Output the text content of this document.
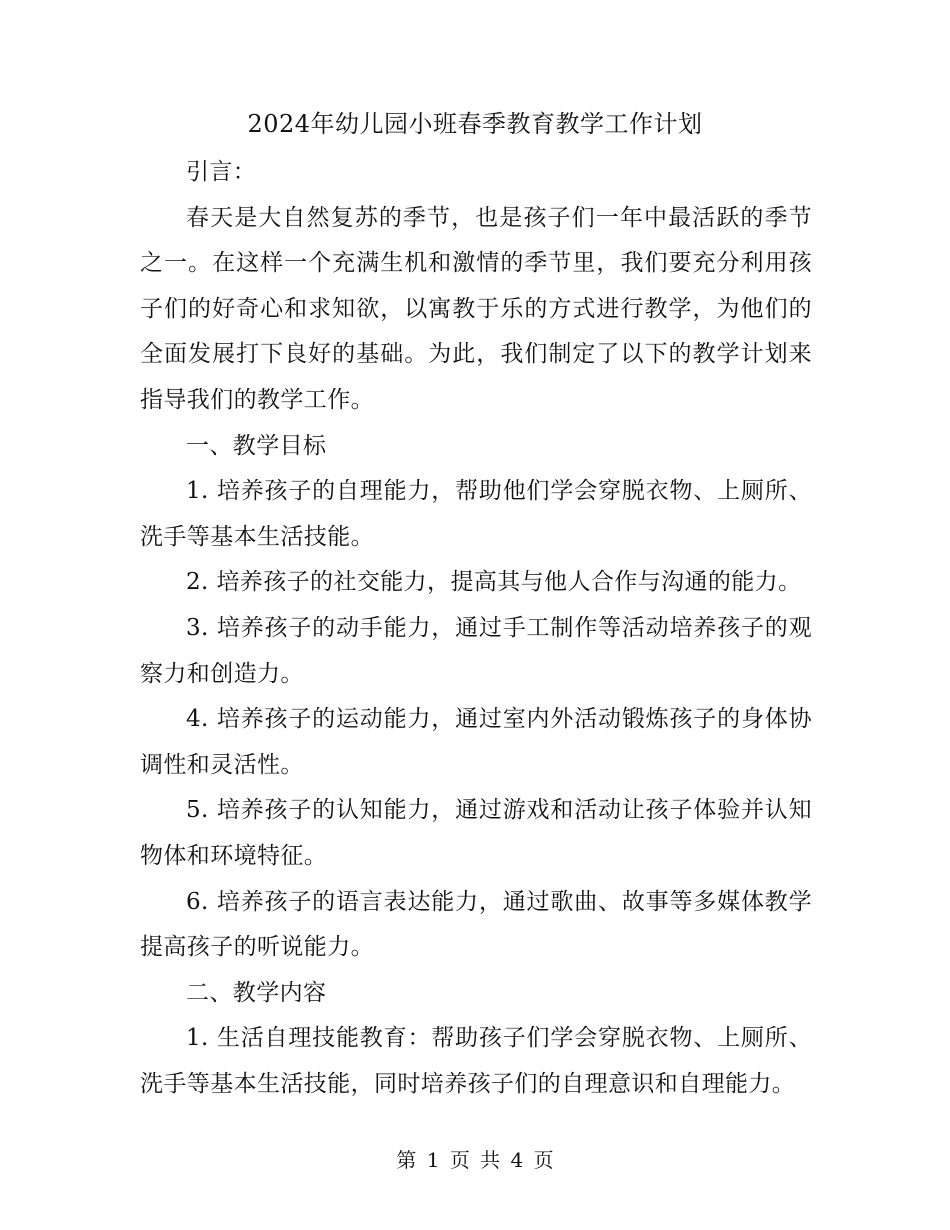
2024年幼儿园小班春季教育教学工作计划

引言：

春天是大自然复苏的季节，也是孩子们一年中最活跃的季节之一。在这样一个充满生机和激情的季节里，我们要充分利用孩子们的好奇心和求知欲，以寓教于乐的方式进行教学，为他们的全面发展打下良好的基础。为此，我们制定了以下的教学计划来指导我们的教学工作。

一、教学目标

1. 培养孩子的自理能力，帮助他们学会穿脱衣物、上厕所、洗手等基本生活技能。

2. 培养孩子的社交能力，提高其与他人合作与沟通的能力。

3. 培养孩子的动手能力，通过手工制作等活动培养孩子的观察力和创造力。

4. 培养孩子的运动能力，通过室内外活动锻炼孩子的身体协调性和灵活性。

5. 培养孩子的认知能力，通过游戏和活动让孩子体验并认知物体和环境特征。

6. 培养孩子的语言表达能力，通过歌曲、故事等多媒体教学提高孩子的听说能力。

二、教学内容

1. 生活自理技能教育：帮助孩子们学会穿脱衣物、上厕所、洗手等基本生活技能，同时培养孩子们的自理意识和自理能力。

第 1 页 共 4 页
